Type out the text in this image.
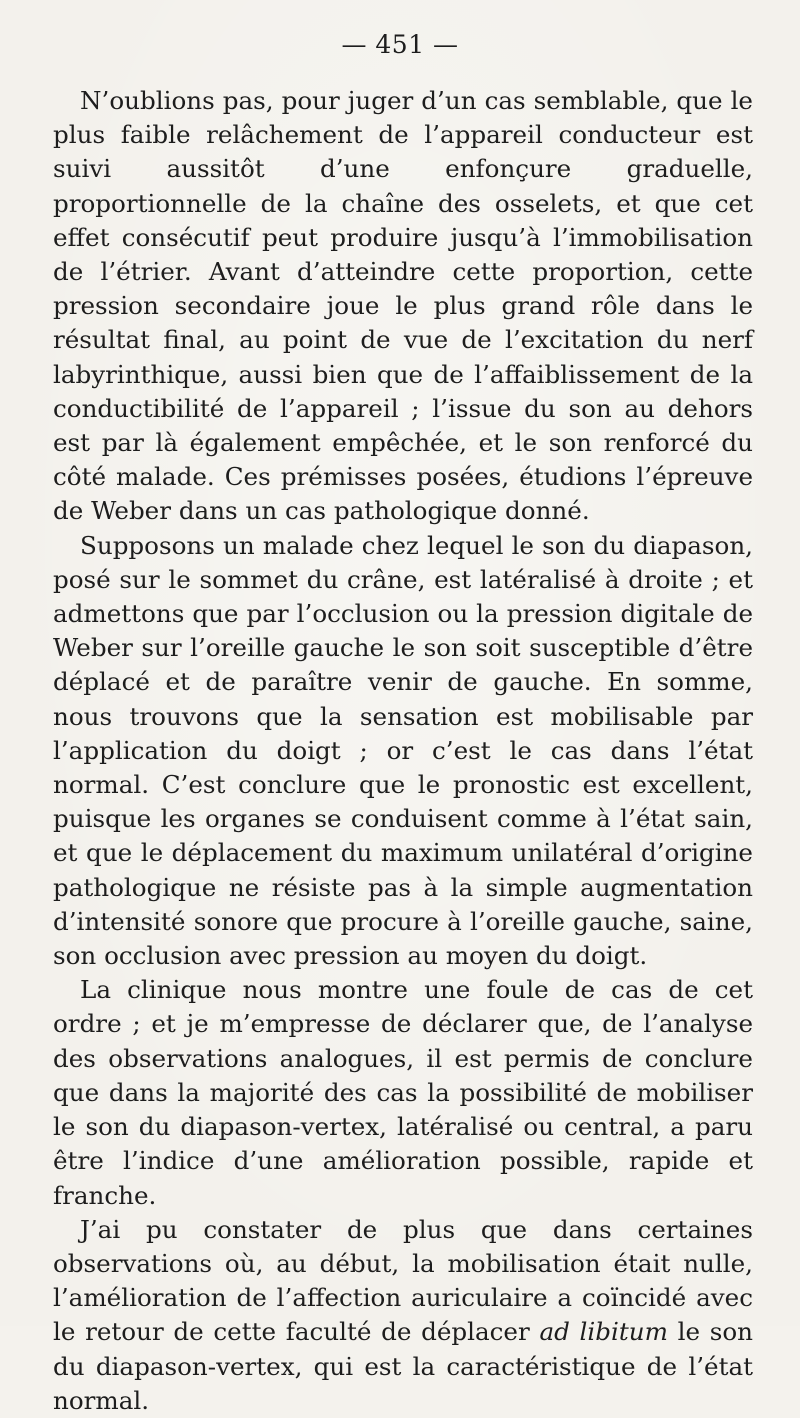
— 451 —

N’oublions pas, pour juger d’un cas semblable, que le plus faible relâchement de l’appareil conducteur est suivi aussitôt d’une enfonçure graduelle, proportionnelle de la chaîne des osselets, et que cet effet consécutif peut produire jusqu’à l’immobilisation de l’étrier. Avant d’atteindre cette proportion, cette pression secondaire joue le plus grand rôle dans le résultat final, au point de vue de l’excitation du nerf labyrinthique, aussi bien que de l’affaiblissement de la conductibilité de l’appareil ; l’issue du son au dehors est par là également empêchée, et le son renforcé du côté malade. Ces prémisses posées, étudions l’épreuve de Weber dans un cas pathologique donné.

Supposons un malade chez lequel le son du diapason, posé sur le sommet du crâne, est latéralisé à droite ; et admettons que par l’occlusion ou la pression digitale de Weber sur l’oreille gauche le son soit susceptible d’être déplacé et de paraître venir de gauche. En somme, nous trouvons que la sensation est mobilisable par l’application du doigt ; or c’est le cas dans l’état normal. C’est conclure que le pronostic est excellent, puisque les organes se conduisent comme à l’état sain, et que le déplacement du maximum unilatéral d’origine pathologique ne résiste pas à la simple augmentation d’intensité sonore que procure à l’oreille gauche, saine, son occlusion avec pression au moyen du doigt.

La clinique nous montre une foule de cas de cet ordre ; et je m’empresse de déclarer que, de l’analyse des observations analogues, il est permis de conclure que dans la majorité des cas la possibilité de mobiliser le son du diapason-vertex, latéralisé ou central, a paru être l’indice d’une amélioration possible, rapide et franche.

J’ai pu constater de plus que dans certaines observations où, au début, la mobilisation était nulle, l’amélioration de l’affection auriculaire a coïncidé avec le retour de cette faculté de déplacer ad libitum le son du diapason-vertex, qui est la caractéristique de l’état normal.
